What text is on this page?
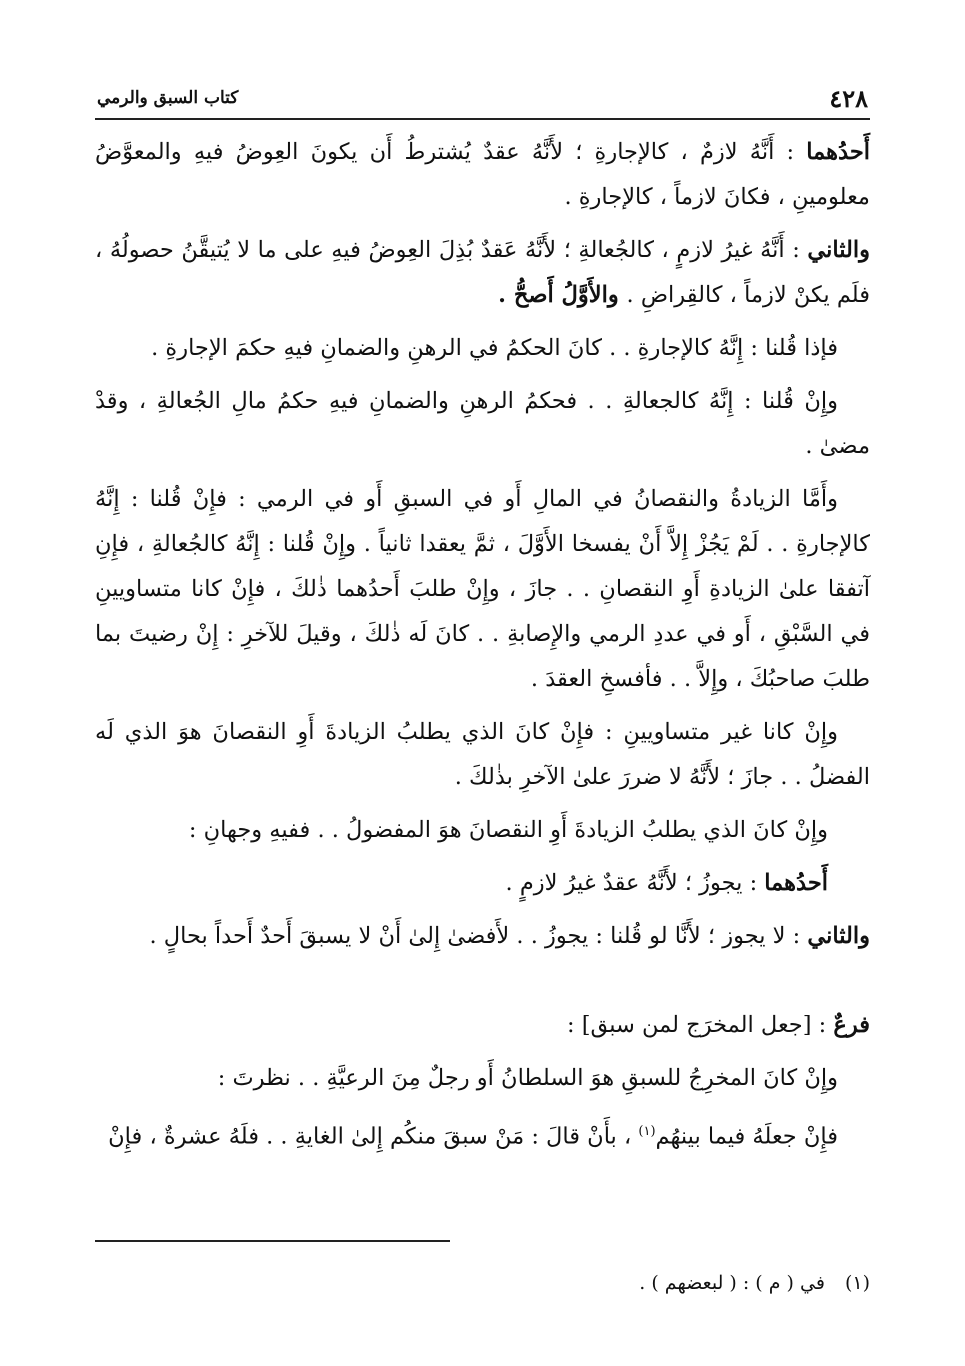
٤٢٨
كتاب السبق والرمي

أَحدُهما : أَنَّهُ لازمٌ ، كالإجارةِ ؛ لأَنَّهُ عقدٌ يُشترطُ أَن يكونَ العِوضُ فيهِ والمعوَّضُ معلومينِ ، فكانَ لازماً ، كالإجارةِ .

والثاني : أَنَّهُ غيرُ لازمٍ ، كالجُعالةِ ؛ لأَنَّهُ عَقدٌ بُذِلَ العِوضُ فيهِ على ما لا يُتيقَّنُ حصولُهُ ، فلَم يكنْ لازماً ، كالقِراضِ . والأَوَّلُ أَصحُّ .

فإذا قُلنا : إِنَّهُ كالإجارةِ . . كانَ الحكمُ في الرهنِ والضمانِ فيهِ حكمَ الإجارةِ .

وإِنْ قُلنا : إِنَّهُ كالجعالةِ . . فحكمُ الرهنِ والضمانِ فيهِ حكمُ مالِ الجُعالةِ ، وقدْ مضىٰ .

وأَمَّا الزيادةُ والنقصانُ في المالِ أَو في السبقِ أَو في الرمي : فإِنْ قُلنا : إِنَّهُ كالإجارةِ . . لَمْ يَجُزْ إِلاَّ أَنْ يفسخا الأَوَّلَ ، ثمَّ يعقدا ثانياً . وإِنْ قُلنا : إِنَّهُ كالجُعالةِ ، فإِنِ آتفقا علىٰ الزيادةِ أَوِ النقصانِ . . جازَ ، وإِنْ طلبَ أَحدُهما ذٰلكَ ، فإِنْ كانا متساويينِ في السَّبْقِ ، أَو في عددِ الرمي والإِصابةِ . . كانَ لَه ذٰلكَ ، وقيلَ للآخرِ : إِنْ رضيتَ بما طلبَ صاحبُكَ ، وإِلاَّ . . فأفسخِ العقدَ .

وإِنْ كانا غير متساويينِ : فإِنْ كانَ الذي يطلبُ الزيادةَ أَوِ النقصانَ هوَ الذي لَه الفضلُ . . جازَ ؛ لأَنَّهُ لا ضررَ علىٰ الآخرِ بذٰلكَ .

وإِنْ كانَ الذي يطلبُ الزيادةَ أَوِ النقصانَ هوَ المفضولُ . . ففيهِ وجهانِ :

أَحدُهما : يجوزُ ؛ لأَنَّهُ عقدٌ غيرُ لازمٍ .

والثاني : لا يجوز ؛ لأَنَّا لو قُلنا : يجوزُ . . لأَفضىٰ إِلىٰ أَنْ لا يسبقَ أَحدٌ أَحداً بحالٍ .

فرعٌ : [جعل المخرَج لمن سبق] :

وإِنْ كانَ المخرِجُ للسبقِ هوَ السلطانُ أَو رجلٌ مِنَ الرعيَّةِ . . نظرتَ :

فإِنْ جعلَهُ فيما بينهُم$^{(١)}$ ، بأَنْ قالَ : مَنْ سبقَ منكُم إِلىٰ الغايةِ . . فلَهُ عشرةٌ ، فإِنْ

(١)في ( م ) : ( لبعضهم ) .
